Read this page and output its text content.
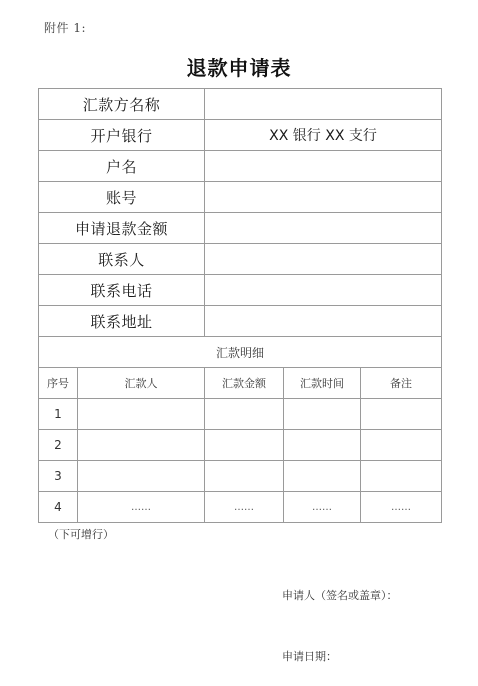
附件 1:
退款申请表
汇款方名称				
开户银行		XX 银行 XX 支行		
户名				
账号				
申请退款金额				
联系人				
联系电话				
联系地址				
汇款明细				
序号	汇款人	汇款金额	汇款时间	备注
1				
2				
3				
4	……	……	……	……
（下可增行）
申请人（签名或盖章）：
申请日期：
